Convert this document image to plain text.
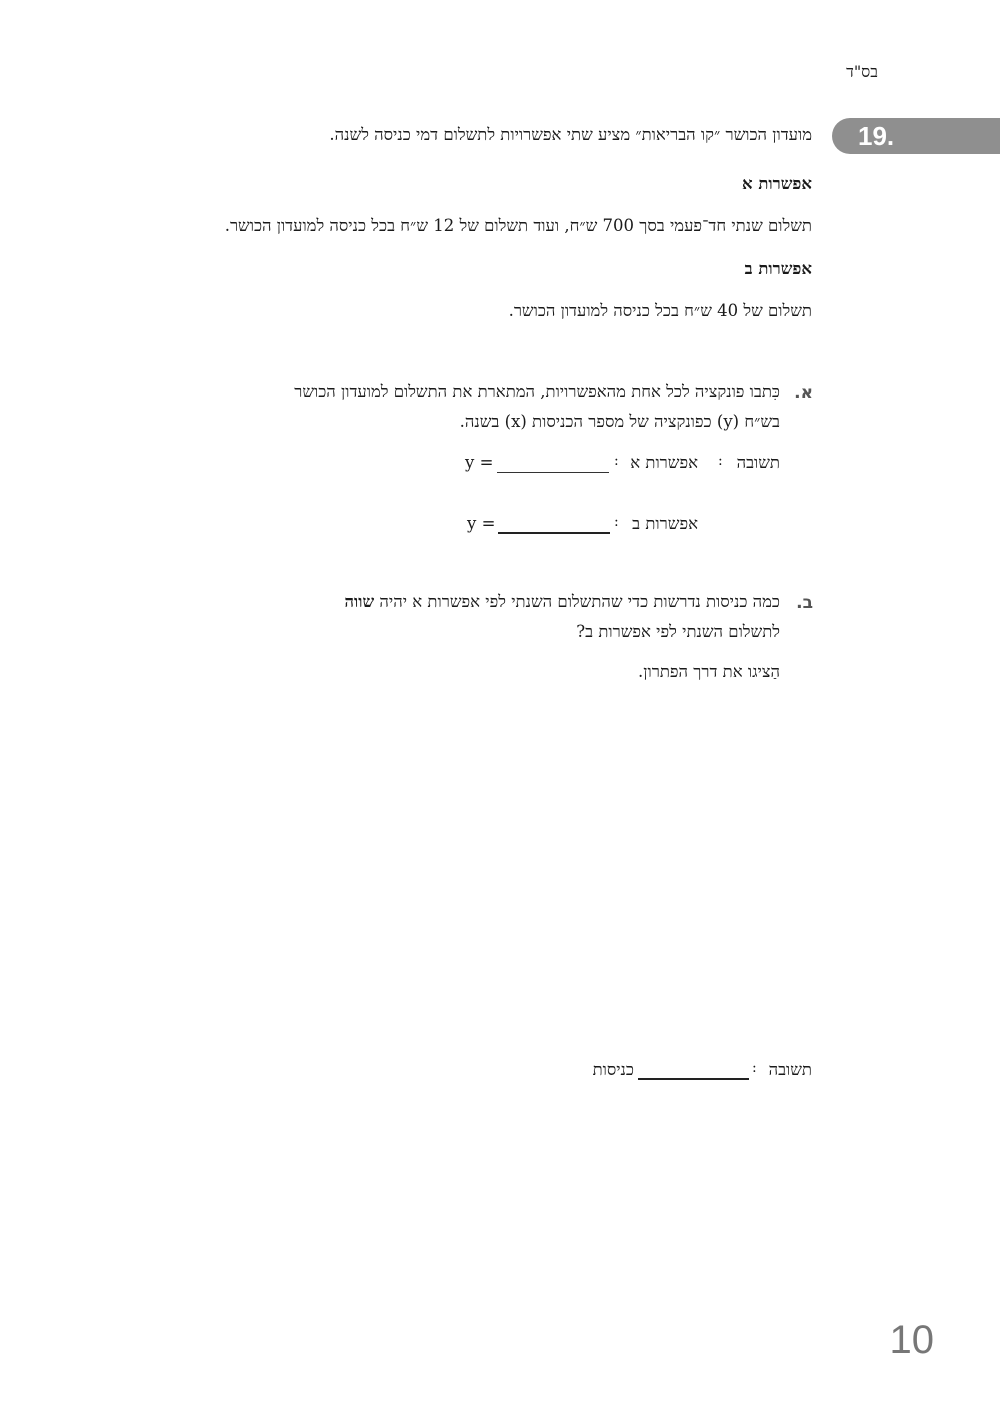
בס"ד
19.
מועדון הכושר ״קו הבריאות״ מציע שתי אפשרויות לתשלום דמי כניסה לשנה.
אפשרות א
תשלום שנתי חד־פעמי בסך 700 ש״ח, ועוד תשלום של 12 ש״ח בכל כניסה למועדון הכושר.
אפשרות ב
תשלום של 40 ש״ח בכל כניסה למועדון הכושר.
א.
כִּתבו פונקציה לכל אחת מהאפשרויות, המתארת את התשלום למועדון הכושר
בש״ח (y) כפונקציה של מספר הכניסות (x) בשנה.
תשובה
:
אפשרות א
:
y =
אפשרות ב
:
y =
ב.
כמה כניסות נדרשות כדי שהתשלום השנתי לפי אפשרות א יהיה שווה
לתשלום השנתי לפי אפשרות ב?
הַציגו את דרך הפתרון.
תשובה
:
כניסות
10
